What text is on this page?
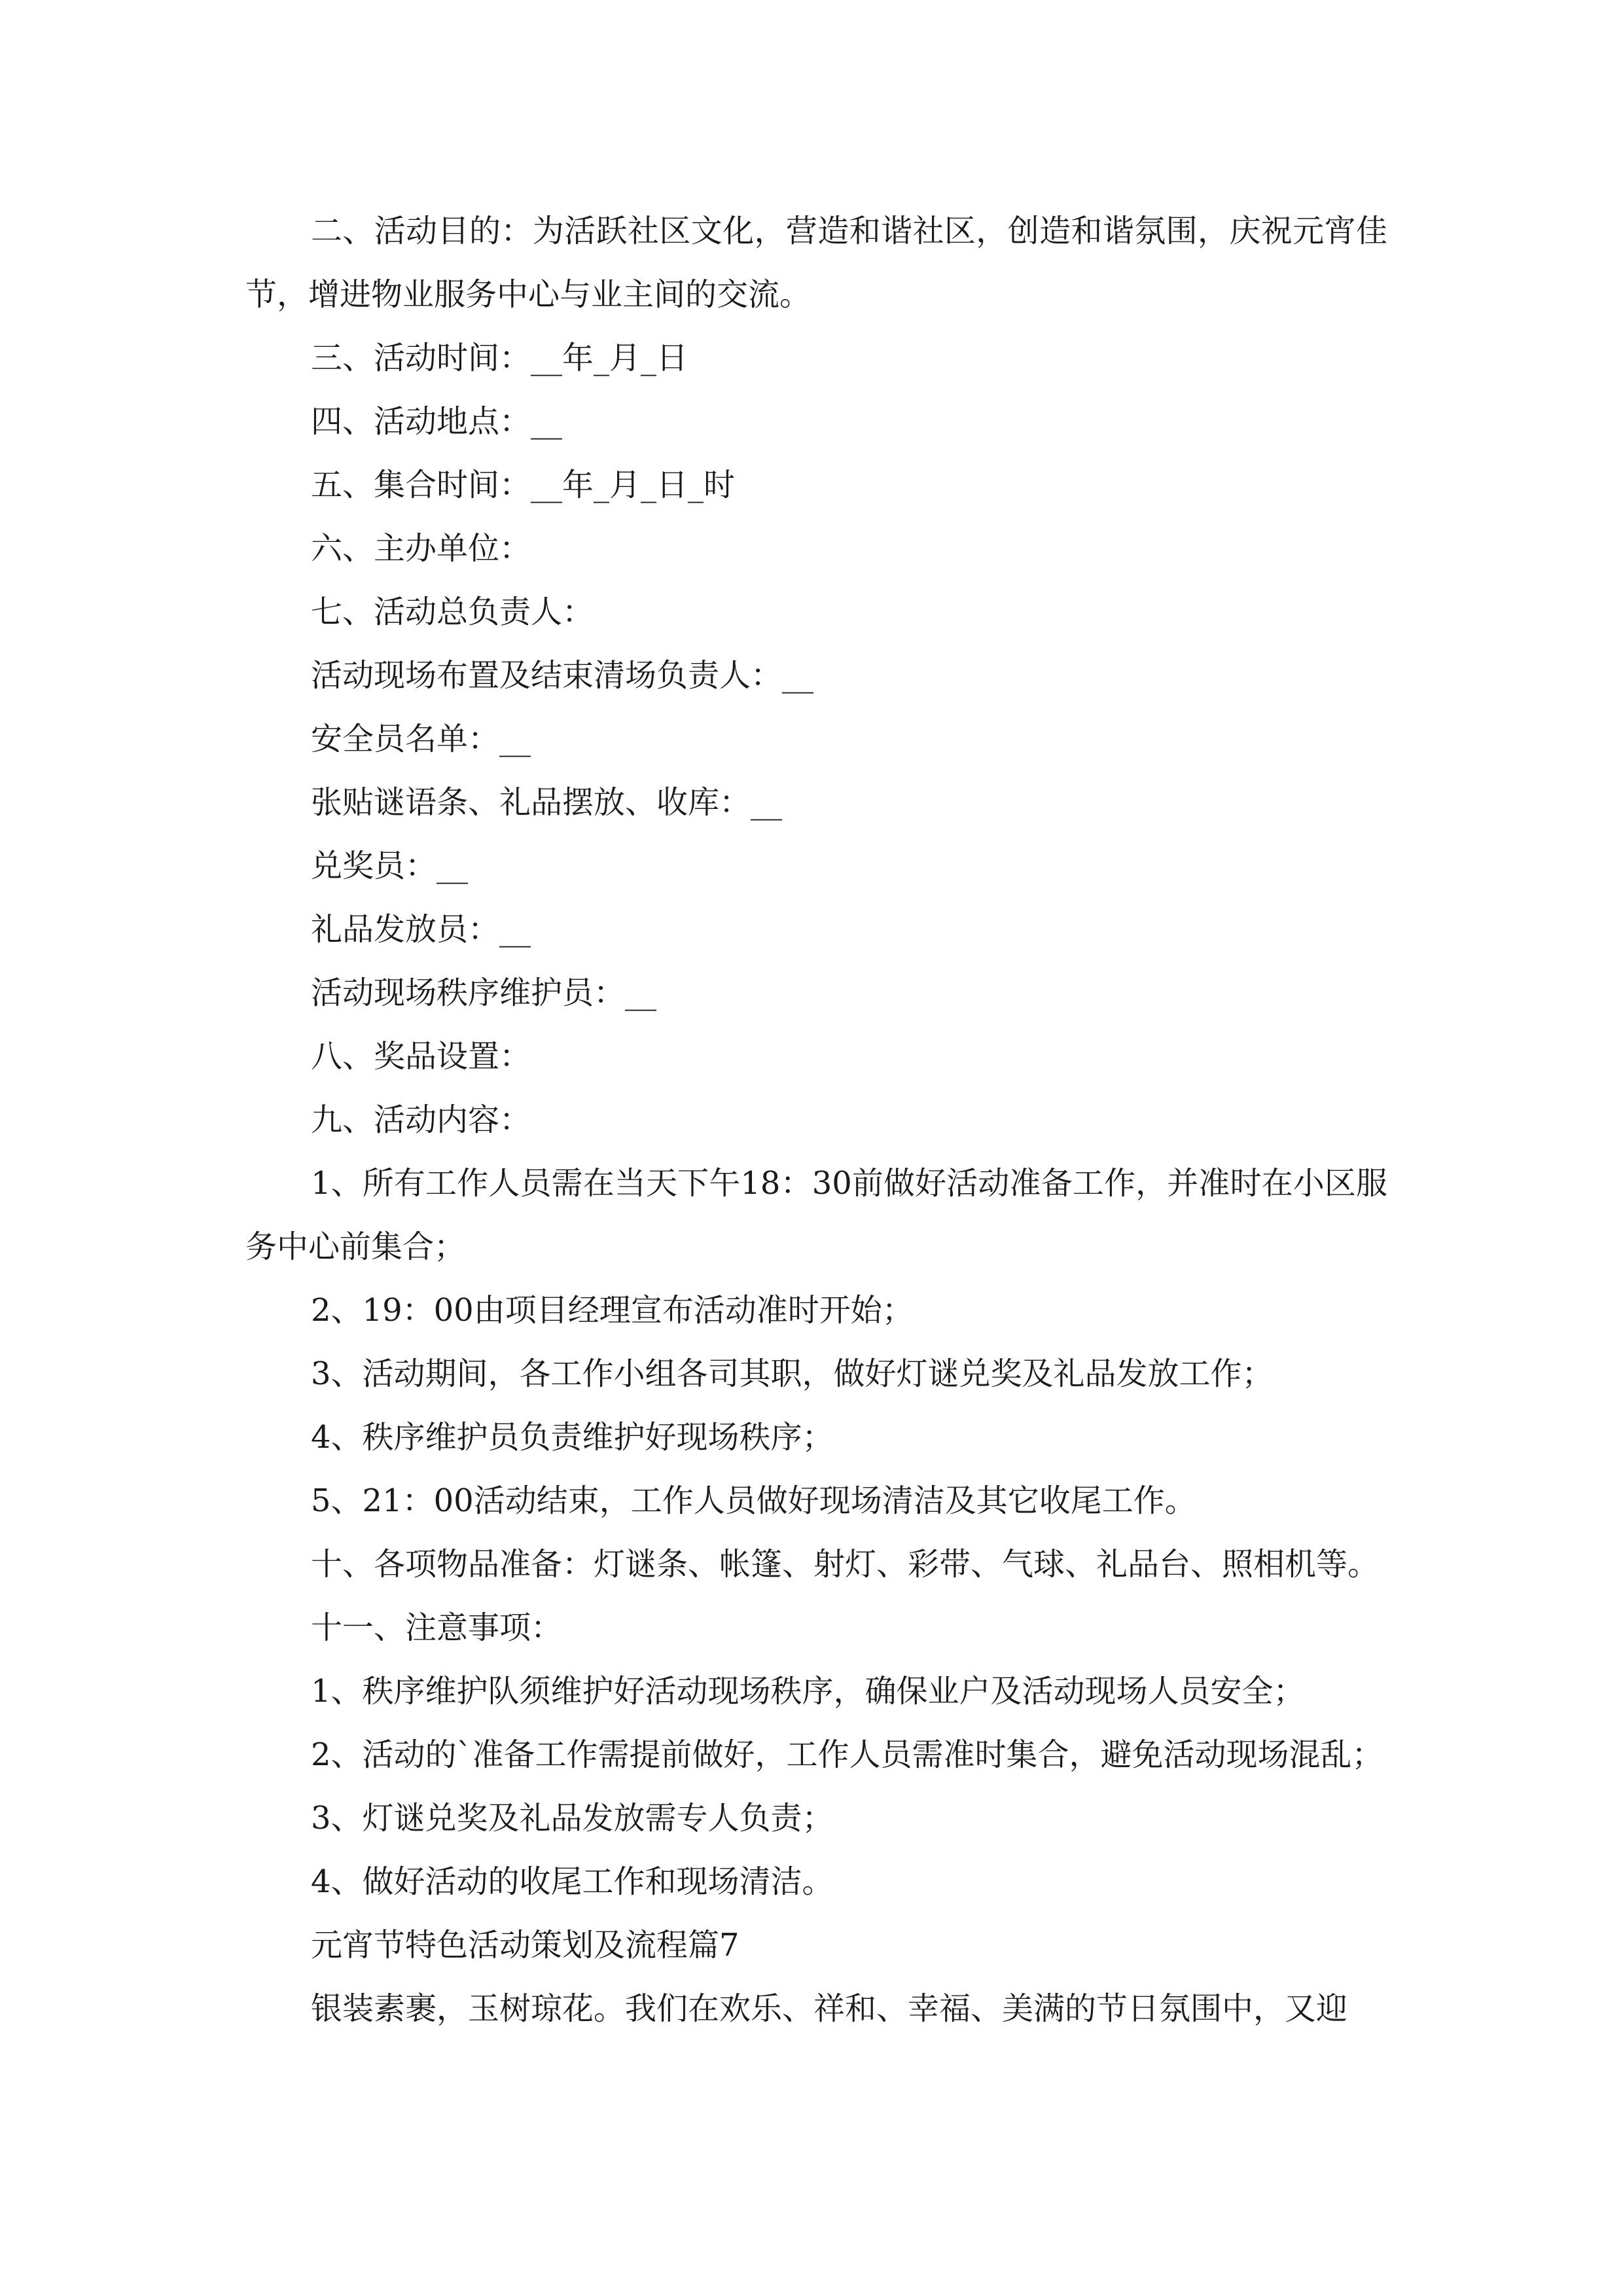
二、活动目的：为活跃社区文化，营造和谐社区，创造和谐氛围，庆祝元宵佳节，增进物业服务中心与业主间的交流。

三、活动时间：__年_月_日

四、活动地点：__

五、集合时间：__年_月_日_时

六、主办单位：

七、活动总负责人：

活动现场布置及结束清场负责人：__

安全员名单：__

张贴谜语条、礼品摆放、收库：__

兑奖员：__

礼品发放员：__

活动现场秩序维护员：__

八、奖品设置：

九、活动内容：

1、所有工作人员需在当天下午18：30前做好活动准备工作，并准时在小区服务中心前集合；

2、19：00由项目经理宣布活动准时开始；

3、活动期间，各工作小组各司其职，做好灯谜兑奖及礼品发放工作；

4、秩序维护员负责维护好现场秩序；

5、21：00活动结束，工作人员做好现场清洁及其它收尾工作。

十、各项物品准备：灯谜条、帐篷、射灯、彩带、气球、礼品台、照相机等。

十一、注意事项：

1、秩序维护队须维护好活动现场秩序，确保业户及活动现场人员安全；

2、活动的`准备工作需提前做好，工作人员需准时集合，避免活动现场混乱；

3、灯谜兑奖及礼品发放需专人负责；

4、做好活动的收尾工作和现场清洁。

元宵节特色活动策划及流程篇7

银装素裹，玉树琼花。我们在欢乐、祥和、幸福、美满的节日氛围中，又迎
